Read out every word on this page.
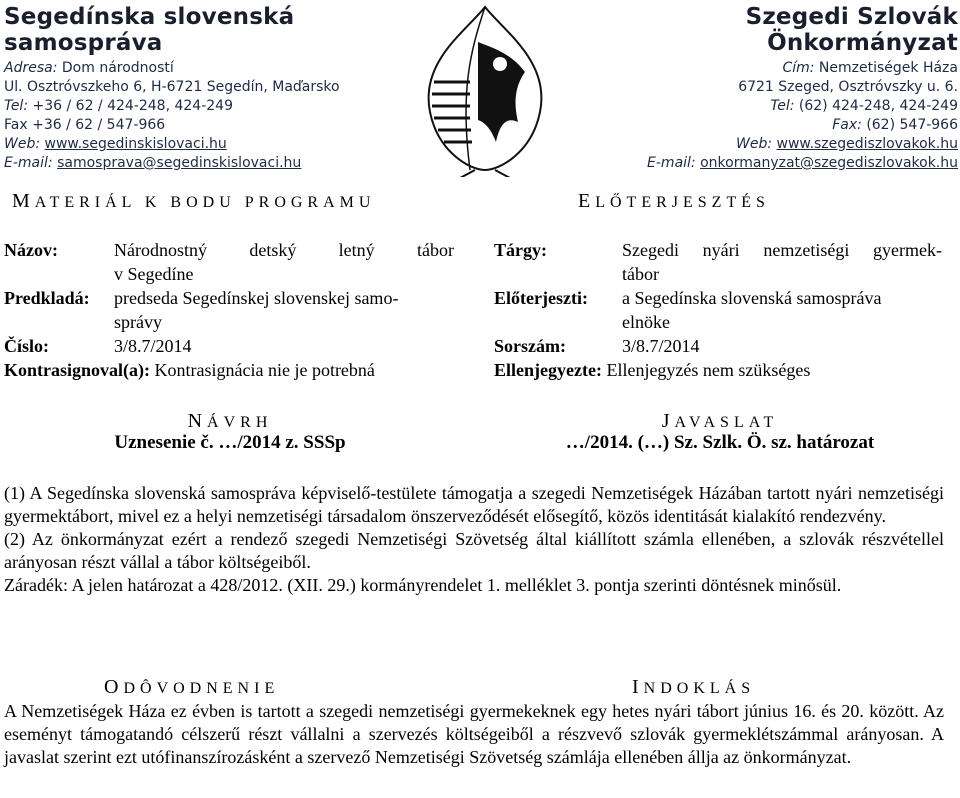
Segedínska slovenská samospráva
Adresa: Dom národností
Ul. Osztróvszkeho 6, H-6721 Segedín, Maďarsko
Tel: +36 / 62 / 424-248, 424-249
Fax +36 / 62 / 547-966
Web: www.segedinskislovaci.hu
E-mail: samosprava@segedinskislovaci.hu
Szegedi Szlovák Önkormányzat
Cím: Nemzetiségek Háza
6721 Szeged, Osztróvszky u. 6.
Tel: (62) 424-248, 424-249
Fax: (62) 547-966
Web: www.szegediszlovakok.hu
E-mail: onkormanyzat@szegediszlovakok.hu
MATERIÁL K BODU PROGRAMU	ELŐTERJESZTÉS
Názov:	Národnostný detský letný tábor
v Segedíne
Predkladá: predseda Segedínskej slovenskej samo-
správy
Číslo:	3/8.7/2014
Kontrasignoval(a): Kontrasignácia nie je potrebná
Tárgy:	Szegedi nyári nemzetiségi gyermek-
tábor
Előterjeszti: a Segedínska slovenská samospráva
elnöke
Sorszám:	3/8.7/2014
Ellenjegyezte: Ellenjegyzés nem szükséges
NÁVRH
Uznesenie č. …/2014 z. SSSp
JAVASLAT
…/2014. (…) Sz. Szlk. Ö. sz. határozat
(1) A Segedínska slovenská samospráva képviselő-testülete támogatja a szegedi Nemzetiségek Házában tartott nyári nemzetiségi gyermektábort, mivel ez a helyi nemzetiségi társadalom önszerveződését elősegítő, közös identitását kialakító rendezvény.
(2) Az önkormányzat ezért a rendező szegedi Nemzetiségi Szövetség által kiállított számla ellenében, a szlovák részvétellel arányosan részt vállal a tábor költségeiből.
Záradék: A jelen határozat a 428/2012. (XII. 29.) kormányrendelet 1. melléklet 3. pontja szerinti döntésnek minősül.
ODÔVODNENIE	INDOKLÁS
A Nemzetiségek Háza ez évben is tartott a szegedi nemzetiségi gyermekeknek egy hetes nyári tábort június 16. és 20. között. Az eseményt támogatandó célszerű részt vállalni a szervezés költségeiből a részvevő szlovák gyermeklétszámmal arányosan. A javaslat szerint ezt utófinanszírozásként a szervező Nemzetiségi Szövetség számlája ellenében állja az önkormányzat.
